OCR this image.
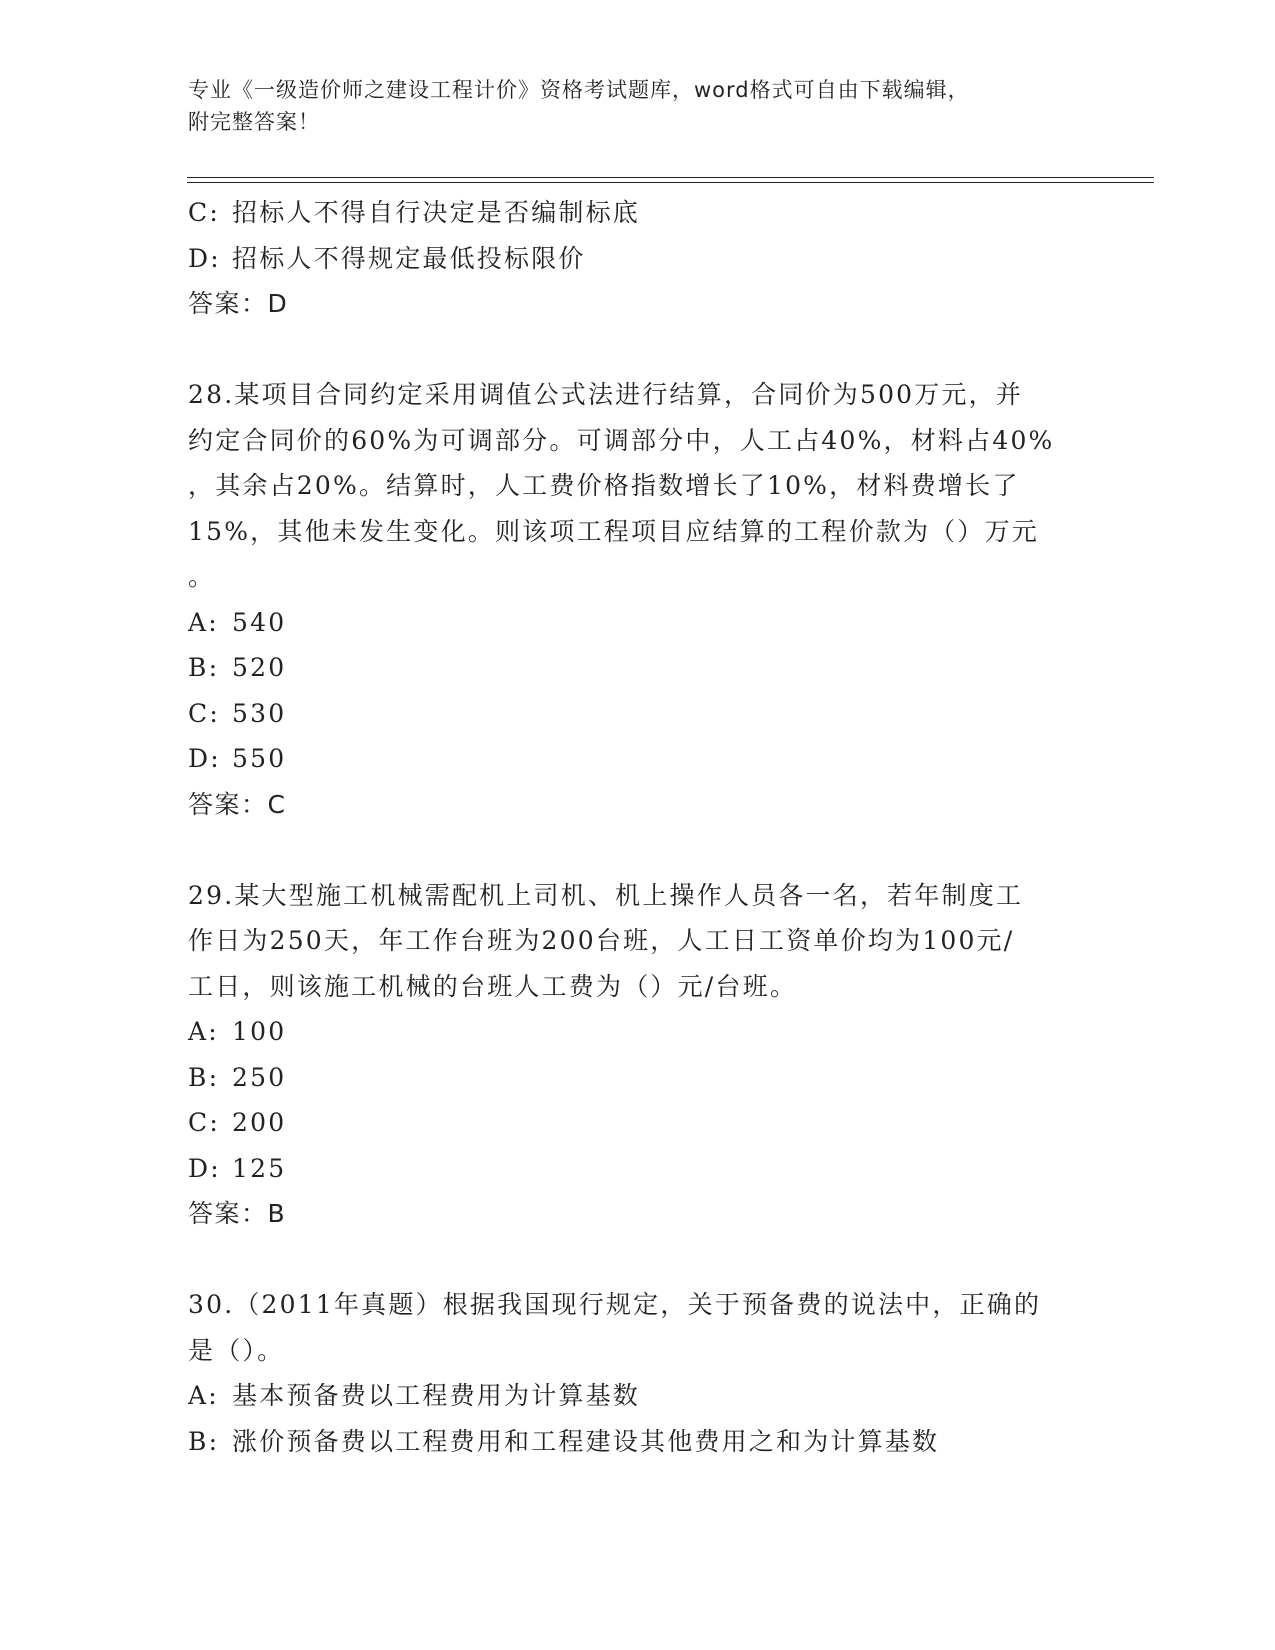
专业《一级造价师之建设工程计价》资格考试题库，word格式可自由下载编辑，
附完整答案！
C: 招标人不得自行决定是否编制标底
D: 招标人不得规定最低投标限价
答案：D
28.某项目合同约定采用调值公式法进行结算，合同价为500万元，并
约定合同价的60%为可调部分。可调部分中，人工占40%，材料占40%
，其余占20%。结算时，人工费价格指数增长了10%，材料费增长了
15%，其他未发生变化。则该项工程项目应结算的工程价款为（）万元
。
A: 540
B: 520
C: 530
D: 550
答案：C
29.某大型施工机械需配机上司机、机上操作人员各一名，若年制度工
作日为250天，年工作台班为200台班，人工日工资单价均为100元/
工日，则该施工机械的台班人工费为（）元/台班。
A: 100
B: 250
C: 200
D: 125
答案：B
30.（2011年真题）根据我国现行规定，关于预备费的说法中，正确的
是（）。
A: 基本预备费以工程费用为计算基数
B: 涨价预备费以工程费用和工程建设其他费用之和为计算基数
